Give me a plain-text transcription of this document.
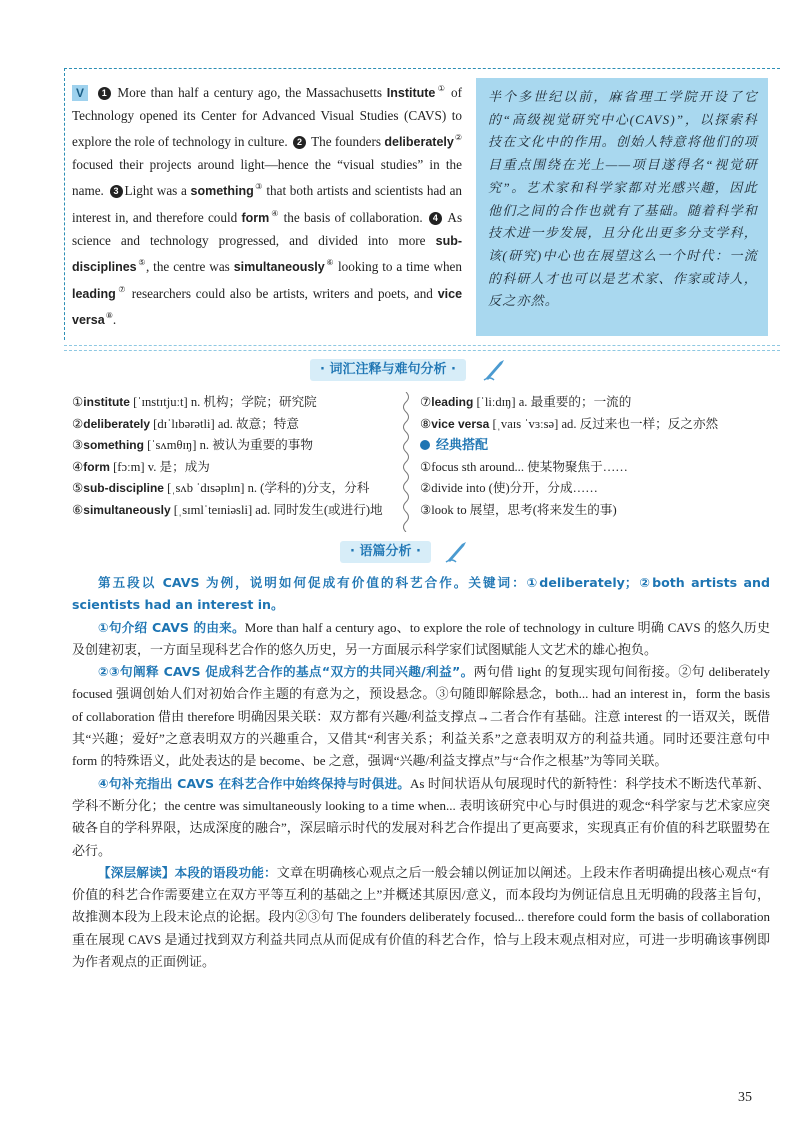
V 1 More than half a century ago, the Massachusetts Institute① of Technology opened its Center for Advanced Visual Studies (CAVS) to explore the role of technology in culture. 2 The founders deliberately② focused their projects around light—hence the “visual studies” in the name. 3 Light was a something③ that both artists and scientists had an interest in, and therefore could form④ the basis of collaboration. 4 As science and technology progressed, and divided into more sub-disciplines⑤, the centre was simultaneously⑥ looking to a time when leading⑦ researchers could also be artists, writers and poets, and vice versa⑧.
半个多世纪以前，麻省理工学院开设了它的“高级视觉研究中心(CAVS)”，以探索科技在文化中的作用。创始人特意将他们的项目重点围绕在光上——项目遂得名“视觉研究”。艺术家和科学家都对光感兴趣，因此他们之间的合作也就有了基础。随着科学和技术进一步发展，且分化出更多分支学科，该(研究)中心也在展望这么一个时代：一流的科研人才也可以是艺术家、作家或诗人，反之亦然。
· 词汇注释与难句分析 ·
①institute [ˈɪnstɪtjuːt] n. 机构；学院；研究院
②deliberately [dɪˈlɪbərətli] ad. 故意；特意
③something [ˈsʌmθɪŋ] n. 被认为重要的事物
④form [fɔːm] v. 是；成为
⑤sub-discipline [ˌsʌb ˈdɪsəplɪn] n. (学科的)分支，分科
⑥simultaneously [ˌsɪmlˈteɪniəsli] ad. 同时发生(或进行)地
⑦leading [ˈliːdɪŋ] a. 最重要的；一流的
⑧vice versa [ˌvaɪs ˈvɜːsə] ad. 反过来也一样；反之亦然
经典搭配
①focus sth around... 使某物聚焦于……
②divide into (使)分开，分成……
③look to 展望，思考(将来发生的事)
· 语篇分析 ·

第五段以 CAVS 为例，说明如何促成有价值的科艺合作。关键词：①deliberately；②both artists and scientists had an interest in。

①句介绍 CAVS 的由来。More than half a century ago、to explore the role of technology in culture 明确 CAVS 的悠久历史及创建初衷，一方面呈现科艺合作的悠久历史，另一方面展示科学家们试图赋能人文艺术的雄心抱负。

②③句阐释 CAVS 促成科艺合作的基点“双方的共同兴趣/利益”。两句借 light 的复现实现句间衔接。②句 deliberately focused 强调创始人们对初始合作主题的有意为之，预设悬念。③句随即解除悬念，both... had an interest in，form the basis of collaboration 借由 therefore 明确因果关联：双方都有兴趣/利益支撑点→二者合作有基础。注意 interest 的一语双关，既借其“兴趣；爱好”之意表明双方的兴趣重合，又借其“利害关系；利益关系”之意表明双方的利益共通。同时还要注意句中 form 的特殊语义，此处表达的是 become、be 之意，强调“兴趣/利益支撑点”与“合作之根基”为等同关联。

④句补充指出 CAVS 在科艺合作中始终保持与时俱进。As 时间状语从句展现时代的新特性：科学技术不断迭代革新、学科不断分化；the centre was simultaneously looking to a time when... 表明该研究中心与时俱进的观念“科学家与艺术家应突破各自的学科界限，达成深度的融合”，深层暗示时代的发展对科艺合作提出了更高要求，实现真正有价值的科艺联盟势在必行。

【深层解读】本段的语段功能：文章在明确核心观点之后一般会辅以例证加以阐述。上段末作者明确提出核心观点“有价值的科艺合作需要建立在双方平等互利的基础之上”并概述其原因/意义，而本段均为例证信息且无明确的段落主旨句，故推测本段为上段末论点的论据。段内②③句 The founders deliberately focused... therefore could form the basis of collaboration 重在展现 CAVS 是通过找到双方利益共同点从而促成有价值的科艺合作，恰与上段末观点相对应，可进一步明确该事例即为作者观点的正面例证。

35
